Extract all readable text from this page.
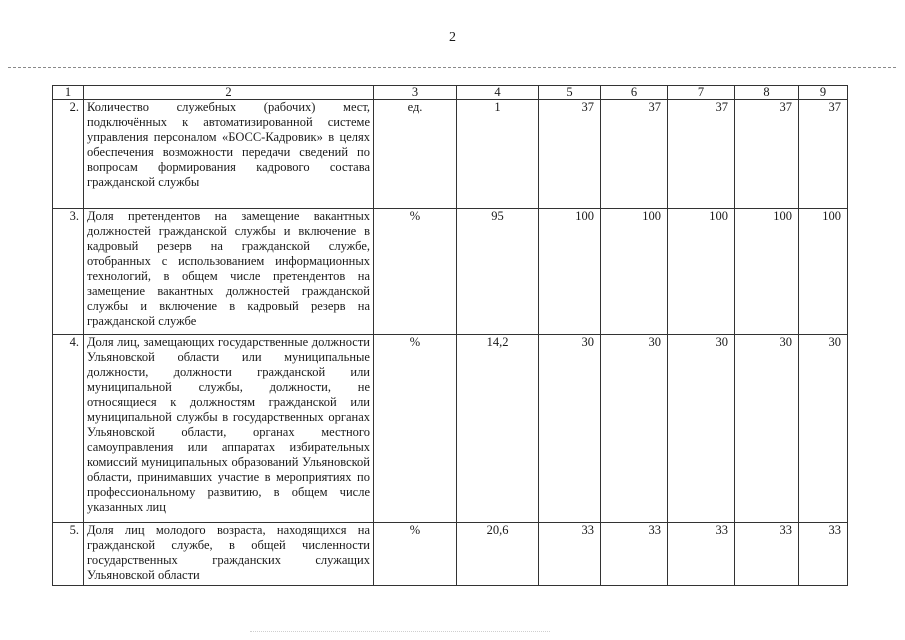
2
1	2	3	4	5	6	7	8	9
2.	Количество служебных (рабочих) мест, подключённых к автоматизированной системе управления персоналом «БОСС-Кадровик» в целях обеспечения возможности передачи сведений по вопросам формирования кадрового состава гражданской службы	ед.	1	37	37	37	37	37
3.	Доля претендентов на замещение вакантных должностей гражданской службы и включение в кадровый резерв на гражданской службе, отобранных с использованием информационных технологий, в общем числе претендентов на замещение вакантных должностей гражданской службы и включение в кадровый резерв на гражданской службе	%	95	100	100	100	100	100
4.	Доля лиц, замещающих государственные должности Ульяновской области или муниципальные должности, должности гражданской или муниципальной службы, должности, не относящиеся к должностям гражданской или муниципальной службы в государственных органах Ульяновской области, органах местного самоуправления или аппаратах избирательных комиссий муниципальных образований Ульяновской области, принимавших участие в мероприятиях по профессиональному развитию, в общем числе указанных лиц	%	14,2	30	30	30	30	30
5.	Доля лиц молодого возраста, находящихся на гражданской службе, в общей численности государственных гражданских служащих Ульяновской области	%	20,6	33	33	33	33	33
